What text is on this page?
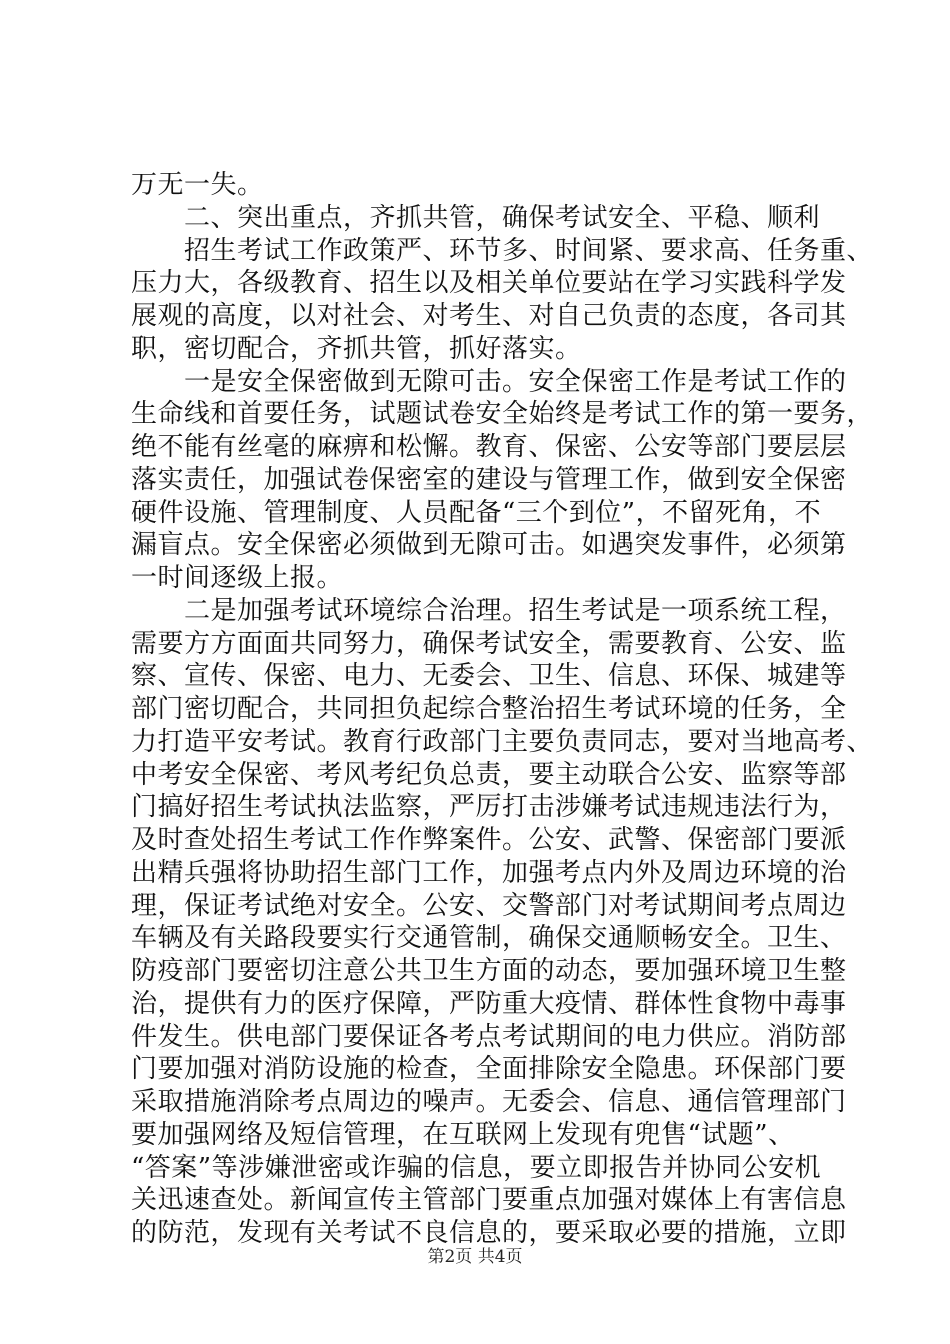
万无一失。
　　二、突出重点，齐抓共管，确保考试安全、平稳、顺利
　　招生考试工作政策严、环节多、时间紧、要求高、任务重、
压力大，各级教育、招生以及相关单位要站在学习实践科学发
展观的高度，以对社会、对考生、对自己负责的态度，各司其
职，密切配合，齐抓共管，抓好落实。
　　一是安全保密做到无隙可击。安全保密工作是考试工作的
生命线和首要任务，试题试卷安全始终是考试工作的第一要务，
绝不能有丝毫的麻痹和松懈。教育、保密、公安等部门要层层
落实责任，加强试卷保密室的建设与管理工作，做到安全保密
硬件设施、管理制度、人员配备“三个到位”，不留死角，不
漏盲点。安全保密必须做到无隙可击。如遇突发事件，必须第
一时间逐级上报。
　　二是加强考试环境综合治理。招生考试是一项系统工程，
需要方方面面共同努力，确保考试安全，需要教育、公安、监
察、宣传、保密、电力、无委会、卫生、信息、环保、城建等
部门密切配合，共同担负起综合整治招生考试环境的任务，全
力打造平安考试。教育行政部门主要负责同志，要对当地高考、
中考安全保密、考风考纪负总责，要主动联合公安、监察等部
门搞好招生考试执法监察，严厉打击涉嫌考试违规违法行为，
及时查处招生考试工作作弊案件。公安、武警、保密部门要派
出精兵强将协助招生部门工作，加强考点内外及周边环境的治
理，保证考试绝对安全。公安、交警部门对考试期间考点周边
车辆及有关路段要实行交通管制，确保交通顺畅安全。卫生、
防疫部门要密切注意公共卫生方面的动态，要加强环境卫生整
治，提供有力的医疗保障，严防重大疫情、群体性食物中毒事
件发生。供电部门要保证各考点考试期间的电力供应。消防部
门要加强对消防设施的检查，全面排除安全隐患。环保部门要
采取措施消除考点周边的噪声。无委会、信息、通信管理部门
要加强网络及短信管理，在互联网上发现有兜售“试题”、
“答案”等涉嫌泄密或诈骗的信息，要立即报告并协同公安机
关迅速查处。新闻宣传主管部门要重点加强对媒体上有害信息
的防范，发现有关考试不良信息的，要采取必要的措施，立即
第2页 共4页
